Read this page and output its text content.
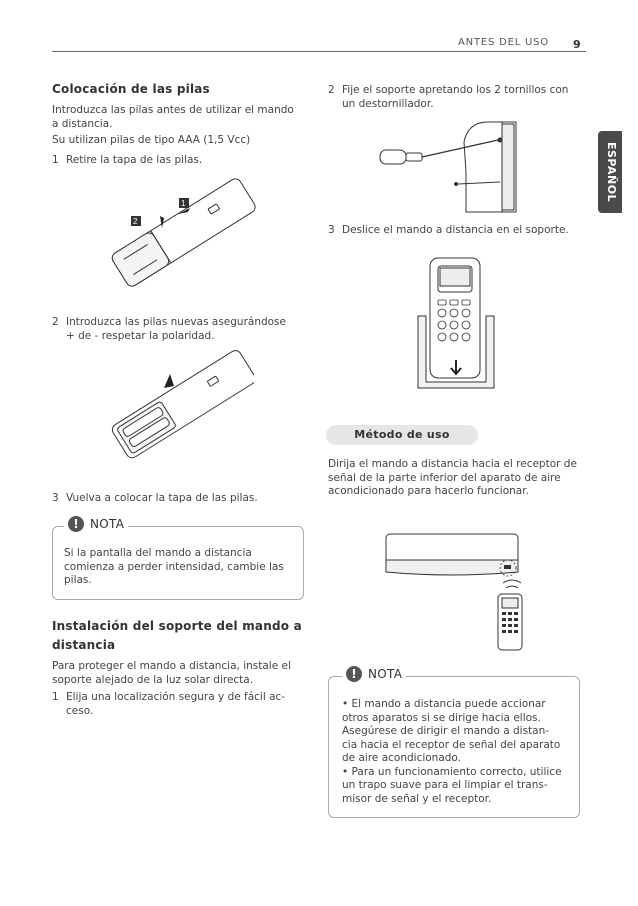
ANTES DEL USO 9
ESPAÑOL
Colocación de las pilas
Introduzca las pilas antes de utilizar el mando
a distancia.
Su utilizan pilas de tipo AAA (1,5 Vcc)
1 Retire la tapa de las pilas.
1
2
2 Introduzca las pilas nuevas asegurándose
+ de - respetar la polaridad.
3 Vuelva a colocar la tapa de las pilas.
! NOTA
Si la pantalla del mando a distancia
comienza a perder intensidad, cambie las
pilas.
Instalación del soporte del mando a
distancia
Para proteger el mando a distancia, instale el
soporte alejado de la luz solar directa.
1 Elija una localización segura y de fácil ac-
ceso.
2 Fije el soporte apretando los 2 tornillos con
un destornillador.
3 Deslice el mando a distancia en el soporte.
Método de uso
Dirija el mando a distancia hacia el receptor de
señal de la parte inferior del aparato de aire
acondicionado para hacerlo funcionar.
! NOTA
• El mando a distancia puede accionar
otros aparatos si se dirige hacia ellos.
Asegúrese de dirigir el mando a distan-
cia hacia el receptor de señal del aparato
de aire acondicionado.
• Para un funcionamiento correcto, utilice
un trapo suave para el limpiar el trans-
misor de señal y el receptor.
